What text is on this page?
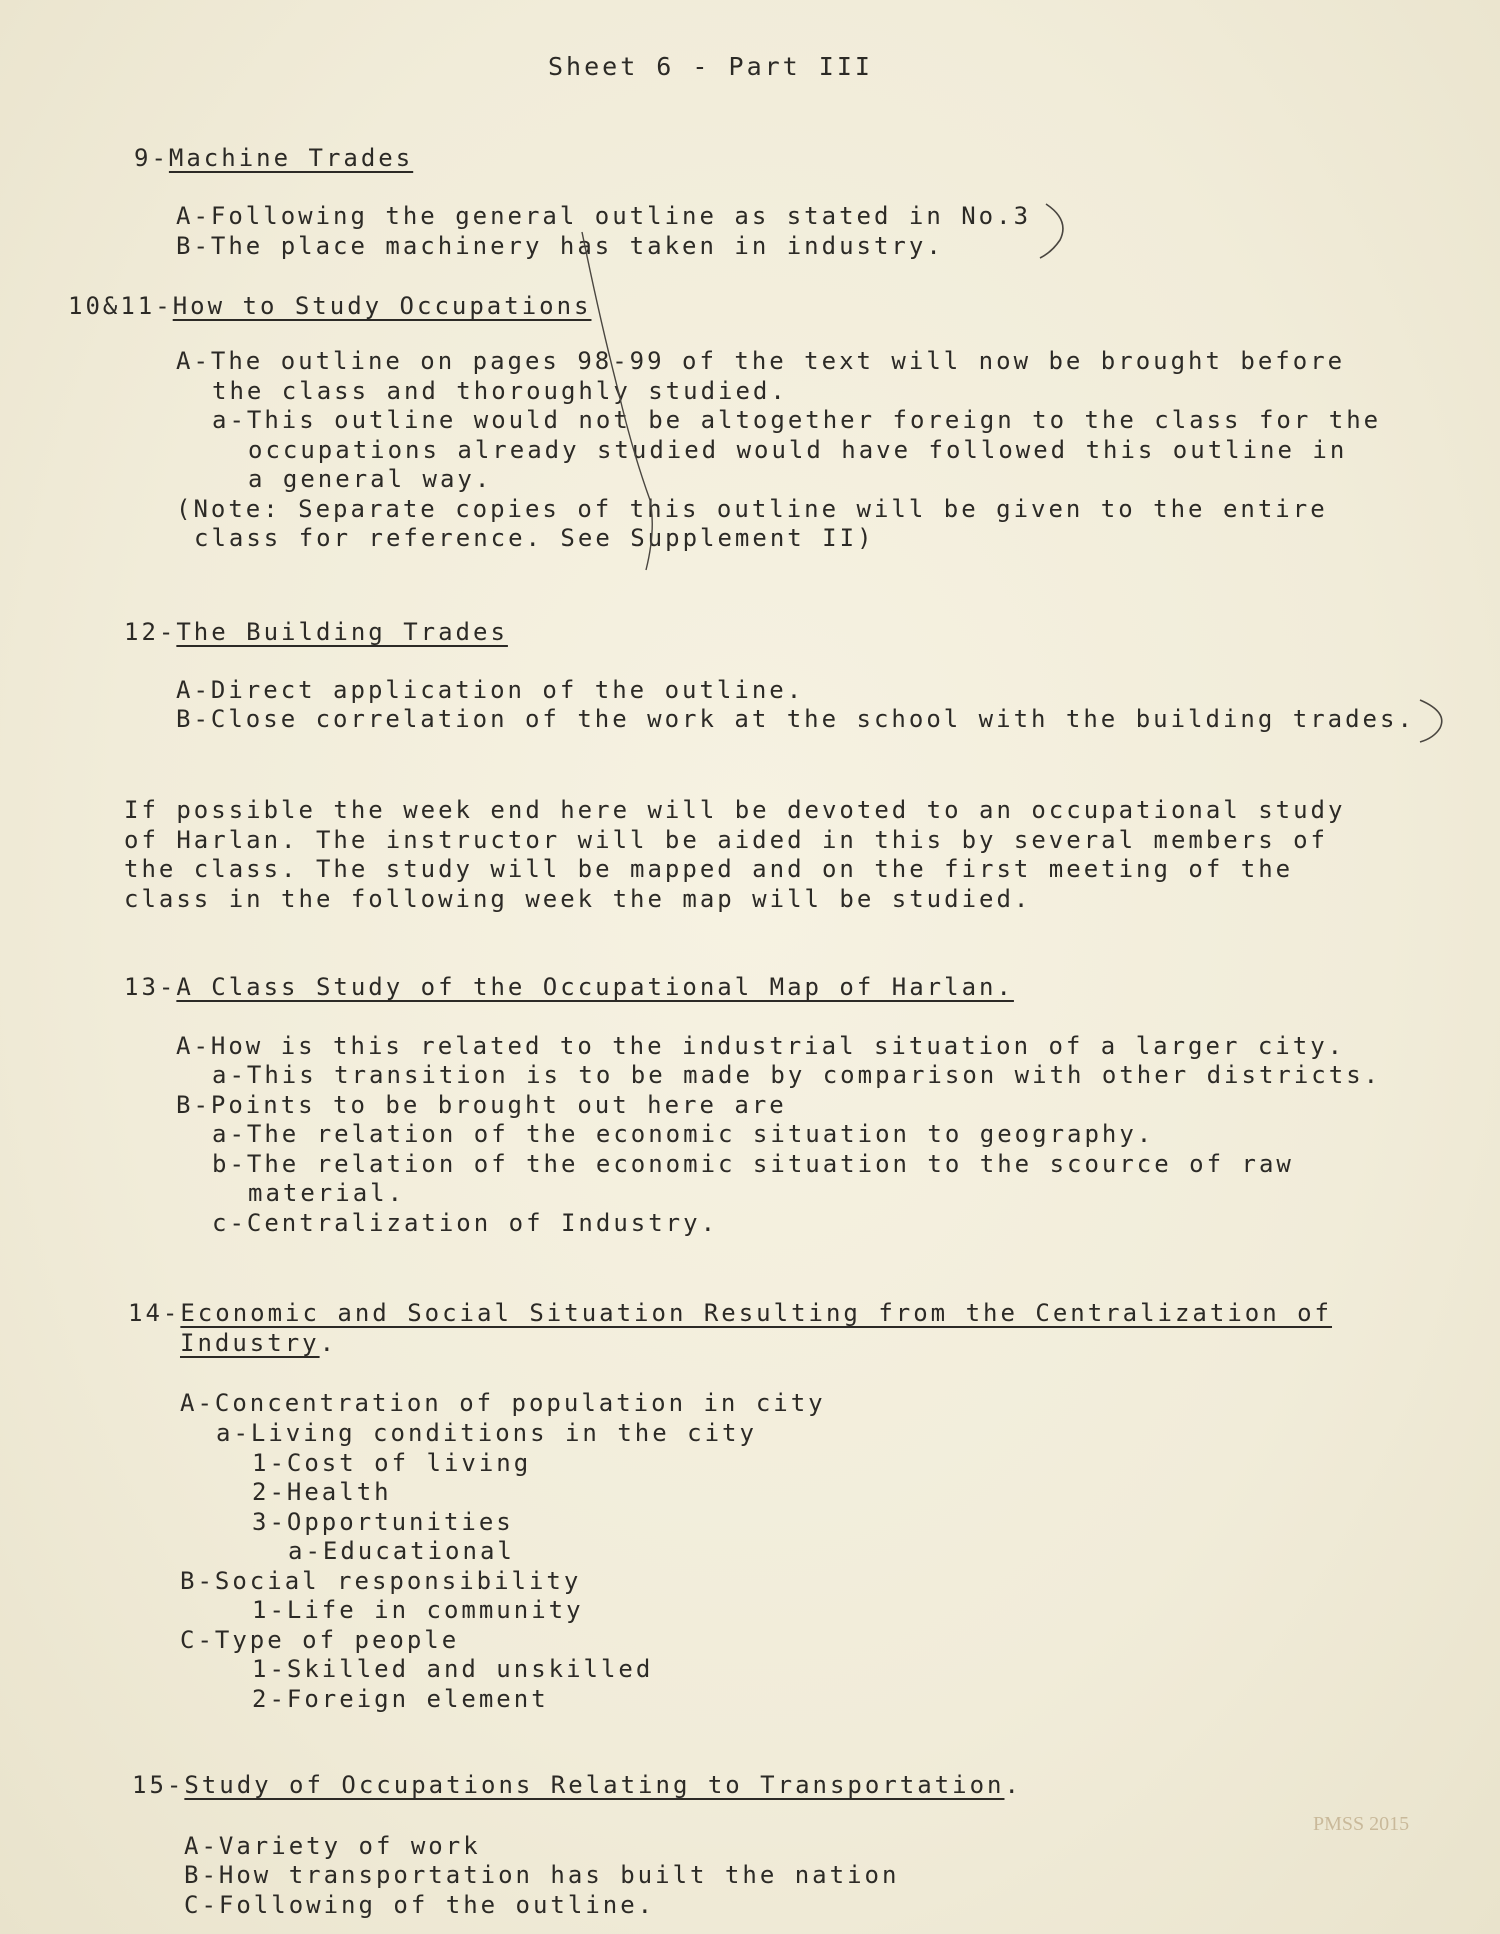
Sheet 6 - Part III
9-Machine Trades
A-Following the general outline as stated in No.3
B-The place machinery has taken in industry.
10&11-How to Study Occupations
A-The outline on pages 98-99 of the text will now be brought before
the class and thoroughly studied.
a-This outline would not be altogether foreign to the class for the
occupations already studied would have followed this outline in
a general way.
(Note: Separate copies of this outline will be given to the entire
class for reference. See Supplement II)
12-The Building Trades
A-Direct application of the outline.
B-Close correlation of the work at the school with the building trades.
If possible the week end here will be devoted to an occupational study
of Harlan. The instructor will be aided in this by several members of
the class. The study will be mapped and on the first meeting of the
class in the following week the map will be studied.
13-A Class Study of the Occupational Map of Harlan.
A-How is this related to the industrial situation of a larger city.
a-This transition is to be made by comparison with other districts.
B-Points to be brought out here are
a-The relation of the economic situation to geography.
b-The relation of the economic situation to the scource of raw
material.
c-Centralization of Industry.
14-Economic and Social Situation Resulting from the Centralization of
Industry.
A-Concentration of population in city
a-Living conditions in the city
1-Cost of living
2-Health
3-Opportunities
a-Educational
B-Social responsibility
1-Life in community
C-Type of people
1-Skilled and unskilled
2-Foreign element
15-Study of Occupations Relating to Transportation.
A-Variety of work
B-How transportation has built the nation
C-Following of the outline.
PMSS 2015
